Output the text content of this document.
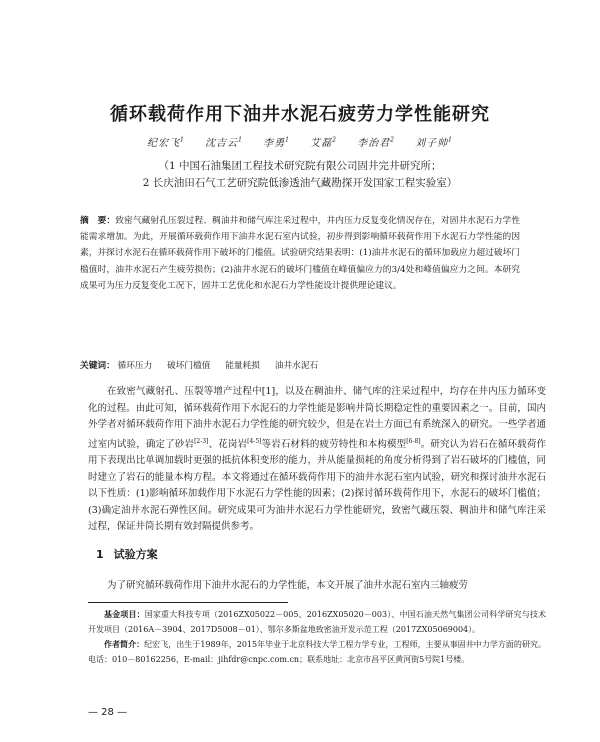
循环载荷作用下油井水泥石疲劳力学性能研究
纪宏飞$^1$ 沈吉云$^1$ 李勇$^1$ 艾磊$^2$ 李治君$^2$ 刘子帅$^1$
（1 中国石油集团工程技术研究院有限公司固井完井研究所；
2 长庆油田石气工艺研究院低渗透油气藏勘探开发国家工程实验室）
摘　要：致密气藏射孔压裂过程、稠油井和储气库注采过程中，井内压力反复变化情况存在，对固井水泥石力学性能需求增加。为此，开展循环载荷作用下油井水泥石室内试验，初步得到影响循环载荷作用下水泥石力学性能的因素，并探讨水泥石在循环载荷作用下破坏的门槛值。试验研究结果表明：(1)油井水泥石的循环加载应力超过破坏门槛值时，油井水泥石产生疲劳损伤；(2)油井水泥石的破坏门槛值在峰值偏应力的3/4处和峰值偏应力之间。本研究成果可为压力反复变化工况下，固井工艺优化和水泥石力学性能设计提供理论建议。
关键词： 循环压力 破坏门槛值 能量耗损 油井水泥石

在致密气藏射孔、压裂等增产过程中[1]，以及在稠油井、储气库的注采过程中，均存在井内压力循环变化的过程。由此可知，循环载荷作用下水泥石的力学性能是影响井筒长期稳定性的重要因素之一。目前，国内外学者对循环载荷作用下油井水泥石力学性能的研究较少，但是在岩土方面已有系统深入的研究。一些学者通过室内试验，确定了砂岩[2-3]、花岗岩[4-5]等岩石材料的疲劳特性和本构模型[6-8]。研究认为岩石在循环载荷作用下表现出比单调加载时更强的抵抗体积变形的能力，并从能量损耗的角度分析得到了岩石破坏的门槛值，同时建立了岩石的能量本构方程。本文将通过在循环载荷作用下的油井水泥石室内试验，研究和探讨油井水泥石以下性质：(1)影响循环加载作用下水泥石力学性能的因素；(2)探讨循环载荷作用下，水泥石的破坏门槛值；(3)确定油井水泥石弹性区间。研究成果可为油井水泥石力学性能研究，致密气藏压裂、稠油井和储气库注采过程，保证井筒长期有效封隔提供参考。

1 试验方案

为了研究循环载荷作用下油井水泥石的力学性能，本文开展了油井水泥石室内三轴疲劳

基金项目：国家重大科技专项（2016ZX05022－005、2016ZX05020－003）、中国石油天然气集团公司科学研究与技术开发项目（2016A－3904、2017D5008－01）、鄂尔多斯盆地致密油开发示范工程（2017ZX05069004）。

作者简介：纪宏飞，出生于1989年，2015年毕业于北京科技大学工程力学专业，工程师，主要从事固井中力学方面的研究。电话：010－80162256，E-mail：jihfdr@cnpc.com.cn；联系地址：北京市昌平区黄河街5号院1号楼。

— 28 —
